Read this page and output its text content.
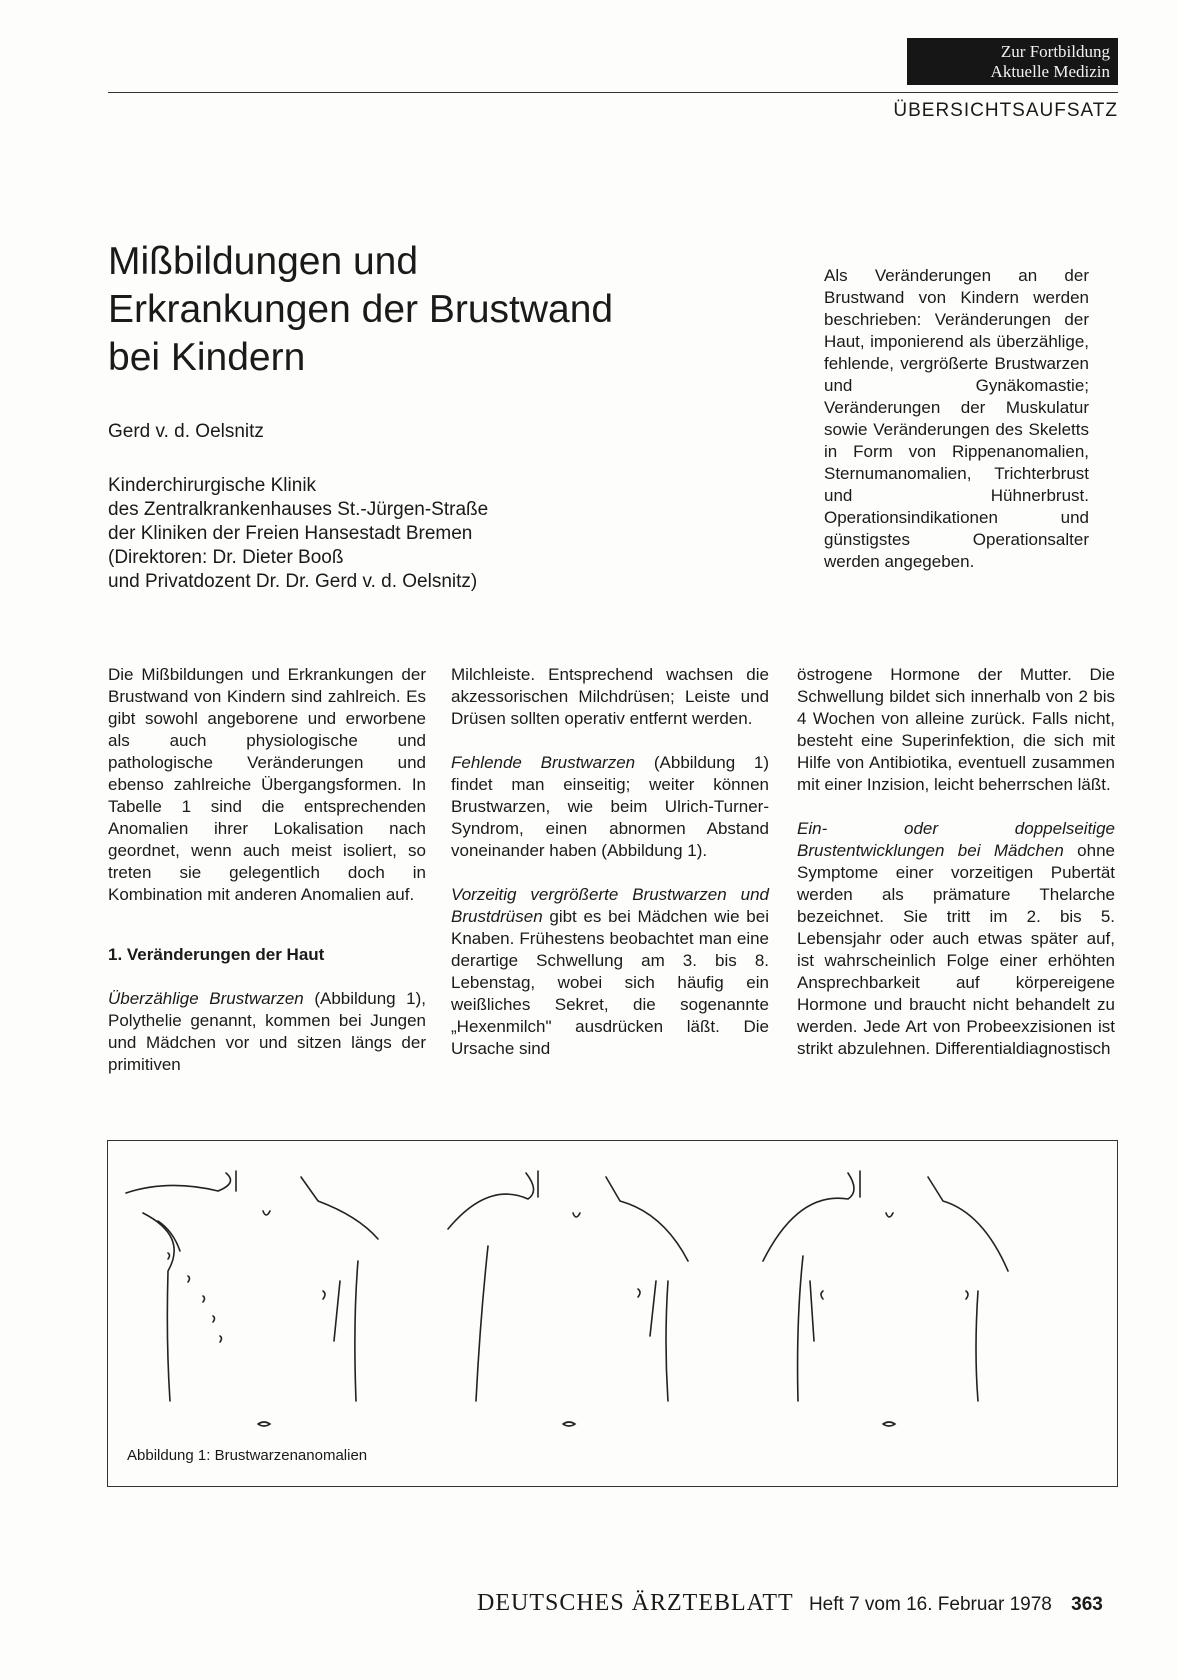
Zur Fortbildung
Aktuelle Medizin
ÜBERSICHTSAUFSATZ
Mißbildungen und
Erkrankungen der Brustwand
bei Kindern
Gerd v. d. Oelsnitz
Kinderchirurgische Klinik
des Zentralkrankenhauses St.-Jürgen-Straße
der Kliniken der Freien Hansestadt Bremen
(Direktoren: Dr. Dieter Booß
und Privatdozent Dr. Dr. Gerd v. d. Oelsnitz)
Als Veränderungen an der Brustwand von Kindern werden beschrieben: Veränderungen der Haut, imponierend als überzählige, fehlende, vergrößerte Brustwarzen und Gynäkomastie; Veränderungen der Muskulatur sowie Veränderungen des Skeletts in Form von Rippenanomalien, Sternumanomalien, Trichterbrust und Hühnerbrust. Operationsindikationen und günstigstes Operationsalter werden angegeben.

Die Mißbildungen und Erkrankungen der Brustwand von Kindern sind zahlreich. Es gibt sowohl angeborene und erworbene als auch physiologische und pathologische Veränderungen und ebenso zahlreiche Übergangsformen. In Tabelle 1 sind die entsprechenden Anomalien ihrer Lokalisation nach geordnet, wenn auch meist isoliert, so treten sie gelegentlich doch in Kombination mit anderen Anomalien auf.

1. Veränderungen der Haut

Überzählige Brustwarzen (Abbildung 1), Polythelie genannt, kommen bei Jungen und Mädchen vor und sitzen längs der primitiven

Milchleiste. Entsprechend wachsen die akzessorischen Milchdrüsen; Leiste und Drüsen sollten operativ entfernt werden.

Fehlende Brustwarzen (Abbildung 1) findet man einseitig; weiter können Brustwarzen, wie beim Ulrich-Turner-Syndrom, einen abnormen Abstand voneinander haben (Abbildung 1).

Vorzeitig vergrößerte Brustwarzen und Brustdrüsen gibt es bei Mädchen wie bei Knaben. Frühestens beobachtet man eine derartige Schwellung am 3. bis 8. Lebenstag, wobei sich häufig ein weißliches Sekret, die sogenannte „Hexenmilch" ausdrücken läßt. Die Ursache sind

östrogene Hormone der Mutter. Die Schwellung bildet sich innerhalb von 2 bis 4 Wochen von alleine zurück. Falls nicht, besteht eine Superinfektion, die sich mit Hilfe von Antibiotika, eventuell zusammen mit einer Inzision, leicht beherrschen läßt.

Ein- oder doppelseitige Brustentwicklungen bei Mädchen ohne Symptome einer vorzeitigen Pubertät werden als prämature Thelarche bezeichnet. Sie tritt im 2. bis 5. Lebensjahr oder auch etwas später auf, ist wahrscheinlich Folge einer erhöhten Ansprechbarkeit auf körpereigene Hormone und braucht nicht behandelt zu werden. Jede Art von Probeexzisionen ist strikt abzulehnen. Differentialdiagnostisch

Abbildung 1: Brustwarzenanomalien
DEUTSCHES ÄRZTEBLATT Heft 7 vom 16. Februar 1978 363
